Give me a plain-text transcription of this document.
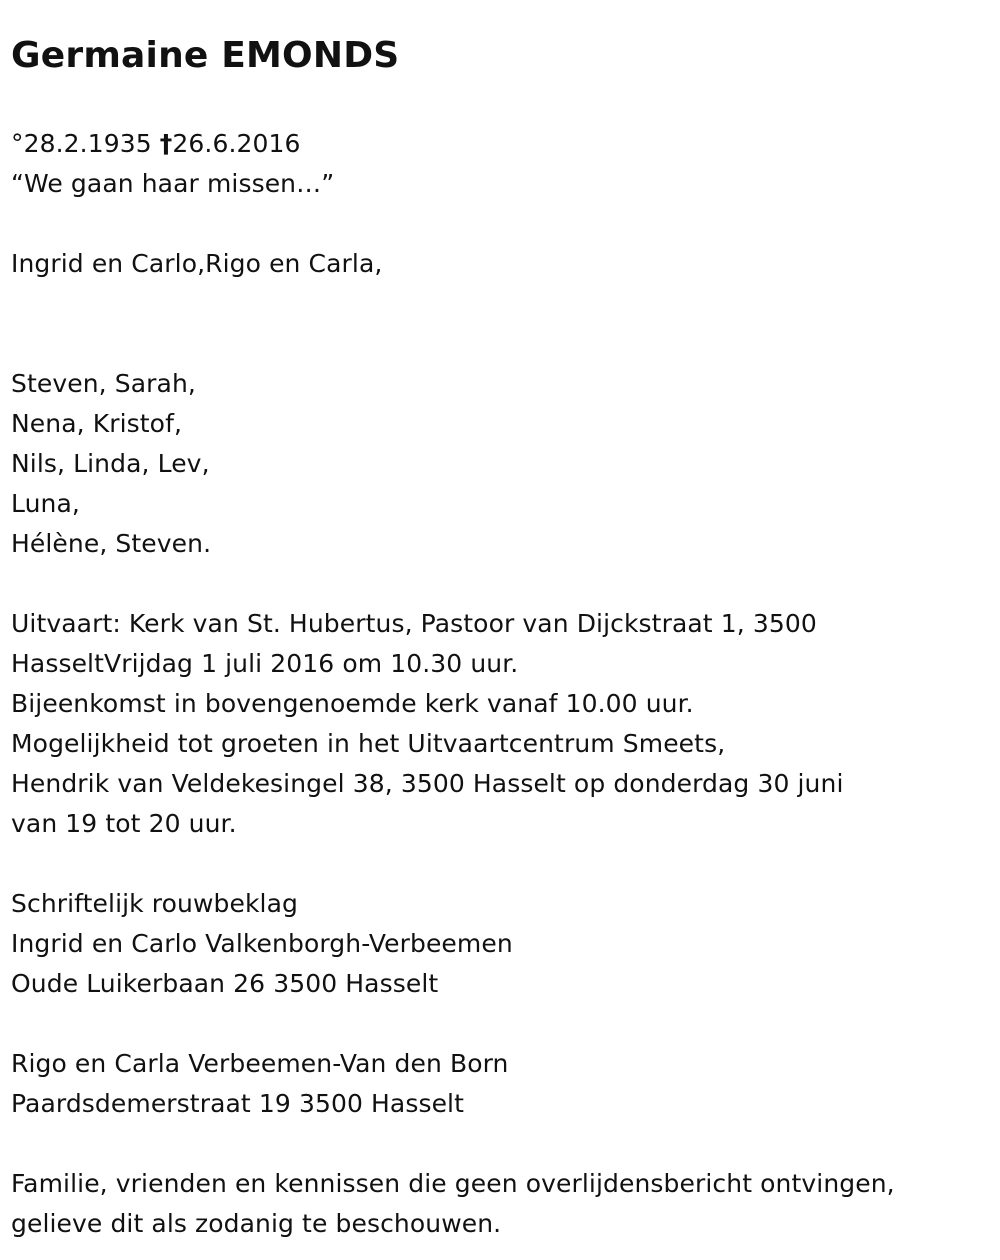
Germaine EMONDS
°28.2.1935 †26.6.2016
“We gaan haar missen…”
Ingrid en Carlo,Rigo en Carla,
Steven, Sarah,
Nena, Kristof,
Nils, Linda, Lev,
Luna,
Hélène, Steven.
Uitvaart: Kerk van St. Hubertus, Pastoor van Dijckstraat 1, 3500
HasseltVrijdag 1 juli 2016 om 10.30 uur.
Bijeenkomst in bovengenoemde kerk vanaf 10.00 uur.
Mogelijkheid tot groeten in het Uitvaartcentrum Smeets,
Hendrik van Veldekesingel 38, 3500 Hasselt op donderdag 30 juni
van 19 tot 20 uur.
Schriftelijk rouwbeklag
Ingrid en Carlo Valkenborgh-Verbeemen
Oude Luikerbaan 26 3500 Hasselt
Rigo en Carla Verbeemen-Van den Born
Paardsdemerstraat 19 3500 Hasselt
Familie, vrienden en kennissen die geen overlijdensbericht ontvingen,
gelieve dit als zodanig te beschouwen.
